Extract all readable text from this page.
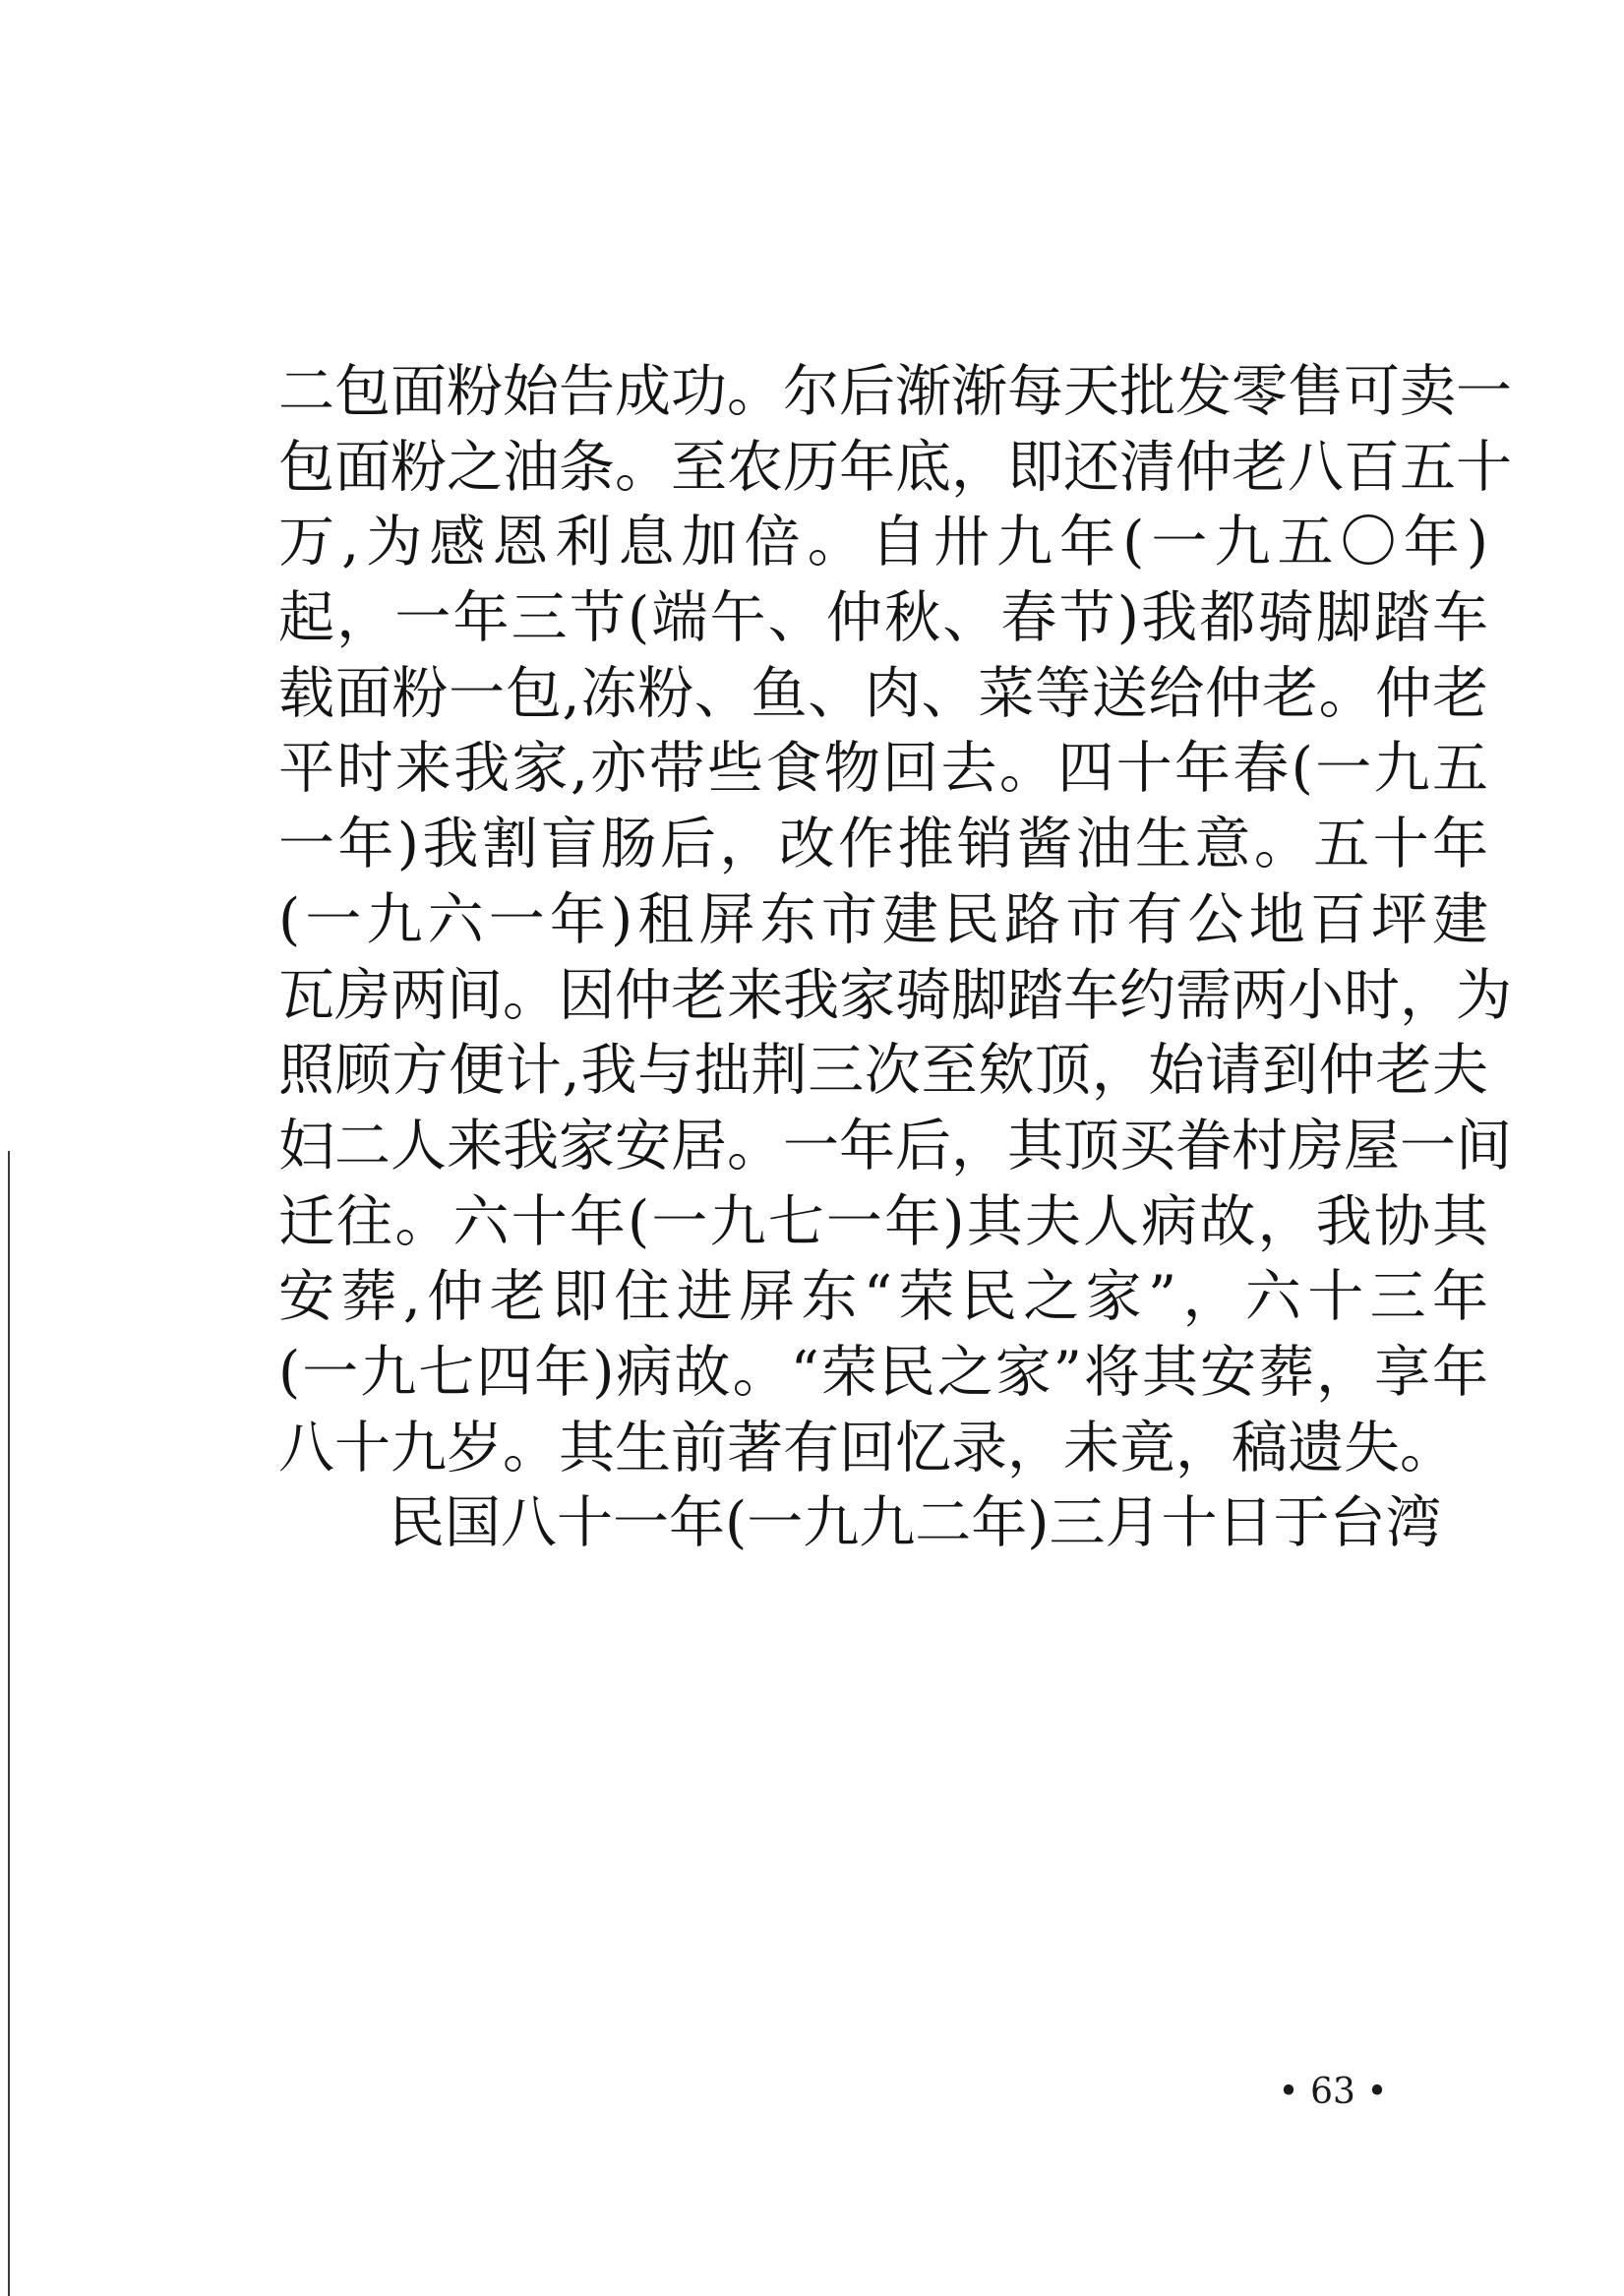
二包面粉始告成功。尔后渐渐每天批发零售可卖一
包面粉之油条。至农历年底，即还清仲老八百五十
万,为感恩利息加倍。自卅九年(一九五〇年)
起，一年三节(端午、仲秋、春节)我都骑脚踏车
载面粉一包,冻粉、鱼、肉、菜等送给仲老。仲老
平时来我家,亦带些食物回去。四十年春(一九五
一年)我割盲肠后，改作推销酱油生意。五十年
(一九六一年)租屏东市建民路市有公地百坪建
瓦房两间。因仲老来我家骑脚踏车约需两小时，为
照顾方便计,我与拙荆三次至欸顶，始请到仲老夫
妇二人来我家安居。一年后，其顶买眷村房屋一间
迁往。六十年(一九七一年)其夫人病故，我协其
安葬,仲老即住进屏东“荣民之家”，六十三年
(一九七四年)病故。“荣民之家”将其安葬，享年
八十九岁。其生前著有回忆录，未竟，稿遗失。
民国八十一年(一九九二年)三月十日于台湾
• 63 •
